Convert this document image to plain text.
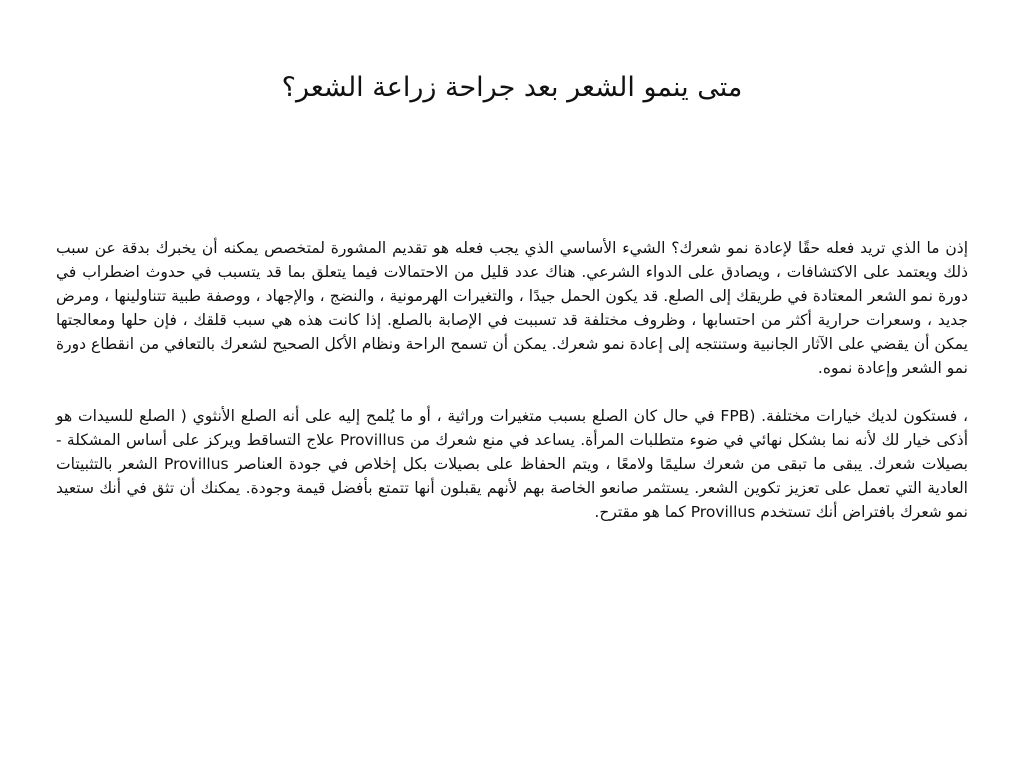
متى ينمو الشعر بعد جراحة زراعة الشعر؟

إذن ما الذي تريد فعله حقًا لإعادة نمو شعرك؟ الشيء الأساسي الذي يجب فعله هو تقديم المشورة لمتخصص يمكنه أن يخبرك بدقة عن سبب ذلك ويعتمد على الاكتشافات ، ويصادق على الدواء الشرعي. هناك عدد قليل من الاحتمالات فيما يتعلق بما قد يتسبب في حدوث اضطراب في دورة نمو الشعر المعتادة في طريقك إلى الصلع. قد يكون الحمل جيدًا ، والتغيرات الهرمونية ، والنضج ، والإجهاد ، ووصفة طبية تتناولينها ، ومرض جديد ، وسعرات حرارية أكثر من احتسابها ، وظروف مختلفة قد تسببت في الإصابة بالصلع. إذا كانت هذه هي سبب قلقك ، فإن حلها ومعالجتها يمكن أن يقضي على الآثار الجانبية وستنتجه إلى إعادة نمو شعرك. يمكن أن تسمح الراحة ونظام الأكل الصحيح لشعرك بالتعافي من انقطاع دورة نمو الشعر وإعادة نموه.

، فستكون لديك خيارات مختلفة. (FPB في حال كان الصلع بسبب متغيرات وراثية ، أو ما يُلمح إليه على أنه الصلع الأنثوي ( الصلع للسيدات هو أذكى خيار لك لأنه نما بشكل نهائي في ضوء متطلبات المرأة. يساعد في منع شعرك من Provillus علاج التساقط ويركز على أساس المشكلة - بصيلات شعرك. يبقى ما تبقى من شعرك سليمًا ولامعًا ، ويتم الحفاظ على بصيلات بكل إخلاص في جودة العناصر Provillus الشعر بالتثبيتات العادية التي تعمل على تعزيز تكوين الشعر. يستثمر صانعو الخاصة بهم لأنهم يقبلون أنها تتمتع بأفضل قيمة وجودة. يمكنك أن تثق في أنك ستعيد نمو شعرك بافتراض أنك تستخدم Provillus كما هو مقترح.
